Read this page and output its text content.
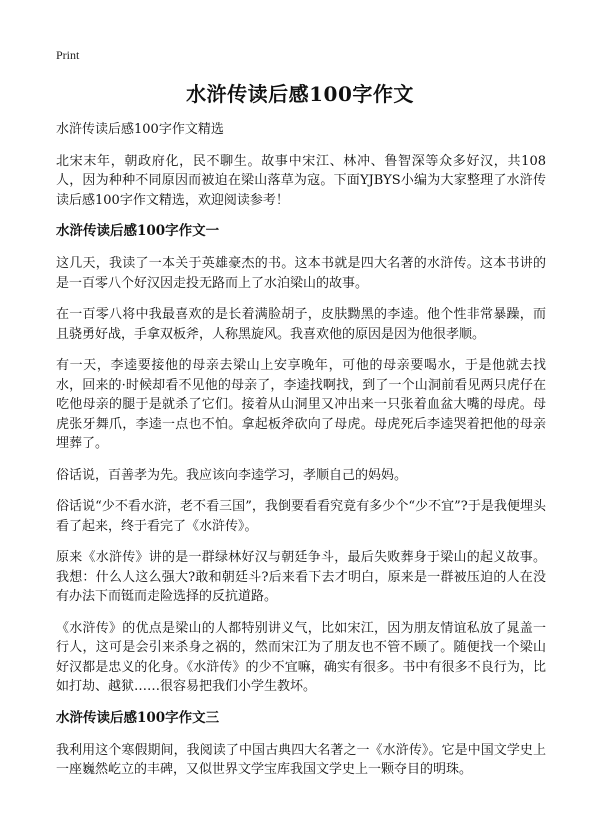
Print
水浒传读后感100字作文

水浒传读后感100字作文精选

北宋末年，朝政府化，民不聊生。故事中宋江、林冲、鲁智深等众多好汉，共108人，因为种种不同原因而被迫在梁山落草为寇。下面YJBYS小编为大家整理了水浒传读后感100字作文精选，欢迎阅读参考！

水浒传读后感100字作文一

这几天，我读了一本关于英雄豪杰的书。这本书就是四大名著的水浒传。这本书讲的是一百零八个好汉因走投无路而上了水泊梁山的故事。

在一百零八将中我最喜欢的是长着满脸胡子，皮肤黝黑的李逵。他个性非常暴躁，而且骁勇好战，手拿双板斧，人称黑旋风。我喜欢他的原因是因为他很孝顺。

有一天，李逵要接他的母亲去梁山上安享晚年，可他的母亲要喝水，于是他就去找水，回来的·时候却看不见他的母亲了，李逵找啊找，到了一个山洞前看见两只虎仔在吃他母亲的腿于是就杀了它们。接着从山洞里又冲出来一只张着血盆大嘴的母虎。母虎张牙舞爪，李逵一点也不怕。拿起板斧砍向了母虎。母虎死后李逵哭着把他的母亲埋葬了。

俗话说，百善孝为先。我应该向李逵学习，孝顺自己的妈妈。

俗话说“少不看水浒，老不看三国”，我倒要看看究竟有多少个“少不宜”?于是我便埋头看了起来，终于看完了《水浒传》。

原来《水浒传》讲的是一群绿林好汉与朝廷争斗，最后失败葬身于梁山的起义故事。我想：什么人这么强大?敢和朝廷斗?后来看下去才明白，原来是一群被压迫的人在没有办法下而铤而走险选择的反抗道路。

《水浒传》的优点是梁山的人都特别讲义气，比如宋江，因为朋友情谊私放了晁盖一行人，这可是会引来杀身之祸的，然而宋江为了朋友也不管不顾了。随便找一个梁山好汉都是忠义的化身。《水浒传》的少不宜嘛，确实有很多。书中有很多不良行为，比如打劫、越狱……很容易把我们小学生教坏。

水浒传读后感100字作文三

我利用这个寒假期间，我阅读了中国古典四大名著之一《水浒传》。它是中国文学史上一座巍然屹立的丰碑，又似世界文学宝库我国文学史上一颗夺目的明珠。
